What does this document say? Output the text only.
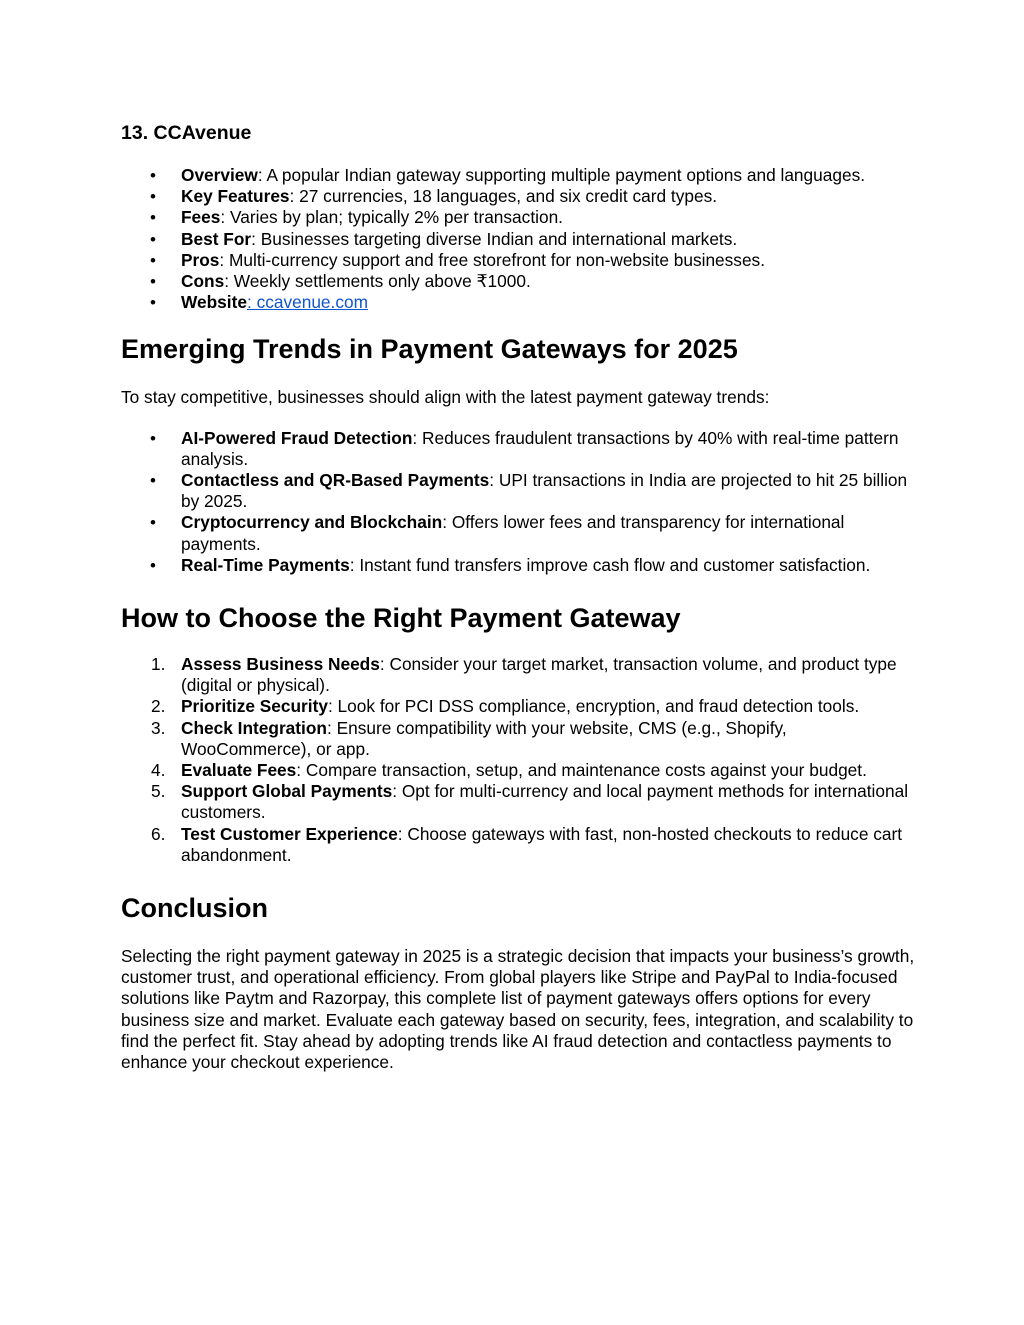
13. CCAvenue
• Overview: A popular Indian gateway supporting multiple payment options and languages.
• Key Features: 27 currencies, 18 languages, and six credit card types.
• Fees: Varies by plan; typically 2% per transaction.
• Best For: Businesses targeting diverse Indian and international markets.
• Pros: Multi-currency support and free storefront for non-website businesses.
• Cons: Weekly settlements only above ₹1000.
• Website: ccavenue.com
Emerging Trends in Payment Gateways for 2025

To stay competitive, businesses should align with the latest payment gateway trends:

• AI-Powered Fraud Detection: Reduces fraudulent transactions by 40% with real-time pattern analysis.
• Contactless and QR-Based Payments: UPI transactions in India are projected to hit 25 billion by 2025.
• Cryptocurrency and Blockchain: Offers lower fees and transparency for international payments.
• Real-Time Payments: Instant fund transfers improve cash flow and customer satisfaction.
How to Choose the Right Payment Gateway
1. Assess Business Needs: Consider your target market, transaction volume, and product type (digital or physical).
2. Prioritize Security: Look for PCI DSS compliance, encryption, and fraud detection tools.
3. Check Integration: Ensure compatibility with your website, CMS (e.g., Shopify, WooCommerce), or app.
4. Evaluate Fees: Compare transaction, setup, and maintenance costs against your budget.
5. Support Global Payments: Opt for multi-currency and local payment methods for international customers.
6. Test Customer Experience: Choose gateways with fast, non-hosted checkouts to reduce cart abandonment.
Conclusion

Selecting the right payment gateway in 2025 is a strategic decision that impacts your business’s growth, customer trust, and operational efficiency. From global players like Stripe and PayPal to India-focused solutions like Paytm and Razorpay, this complete list of payment gateways offers options for every business size and market. Evaluate each gateway based on security, fees, integration, and scalability to find the perfect fit. Stay ahead by adopting trends like AI fraud detection and contactless payments to enhance your checkout experience.
